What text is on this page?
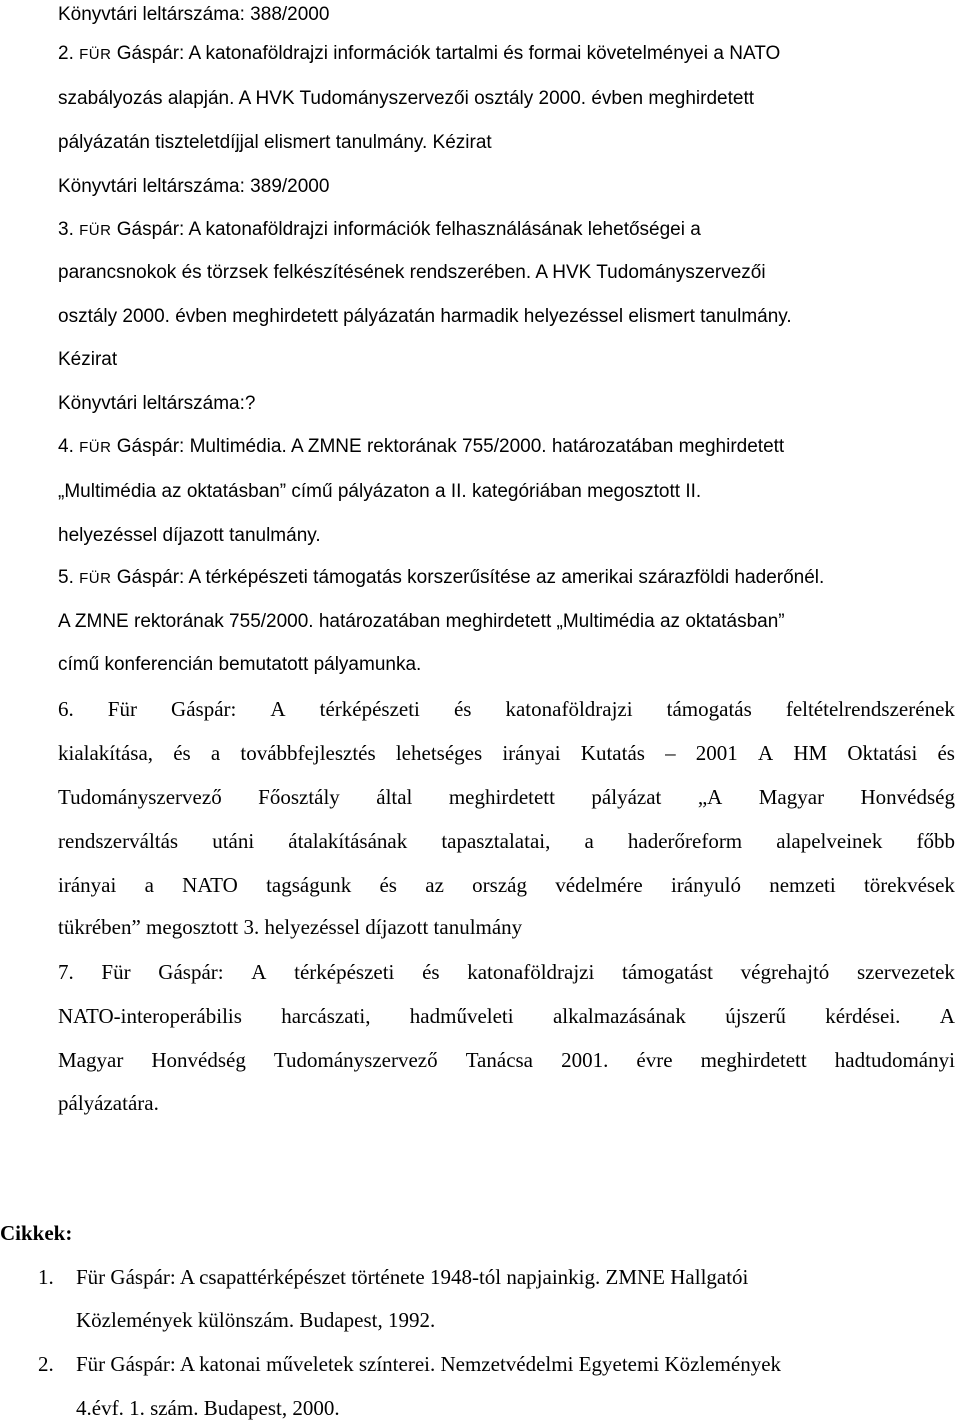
Könyvtári leltárszáma: 388/2000
2. FÜR Gáspár: A katonaföldrajzi információk tartalmi és formai követelményei a NATO
szabályozás alapján. A HVK Tudományszervezői osztály 2000. évben meghirdetett
pályázatán tiszteletdíjjal elismert tanulmány. Kézirat
Könyvtári leltárszáma: 389/2000
3. FÜR Gáspár: A katonaföldrajzi információk felhasználásának lehetőségei a
parancsnokok és törzsek felkészítésének rendszerében. A HVK Tudományszervezői
osztály 2000. évben meghirdetett pályázatán harmadik helyezéssel elismert tanulmány.
Kézirat
Könyvtári leltárszáma:?
4. FÜR Gáspár: Multimédia. A ZMNE rektorának 755/2000. határozatában meghirdetett
„Multimédia az oktatásban” című pályázaton a II. kategóriában megosztott II.
helyezéssel díjazott tanulmány.
5. FÜR Gáspár: A térképészeti támogatás korszerűsítése az amerikai szárazföldi haderőnél.
A ZMNE rektorának 755/2000. határozatában meghirdetett „Multimédia az oktatásban”
című konferencián bemutatott pályamunka.
6. Für Gáspár: A térképészeti és katonaföldrajzi támogatás feltételrendszerének
kialakítása, és a továbbfejlesztés lehetséges irányai Kutatás – 2001 A HM Oktatási és
Tudományszervező Főosztály által meghirdetett pályázat „A Magyar Honvédség
rendszerváltás utáni átalakításának tapasztalatai, a haderőreform alapelveinek főbb
irányai a NATO tagságunk és az ország védelmére irányuló nemzeti törekvések
tükrében” megosztott 3. helyezéssel díjazott tanulmány
7. Für Gáspár: A térképészeti és katonaföldrajzi támogatást végrehajtó szervezetek
NATO-interoperábilis harcászati, hadműveleti alkalmazásának újszerű kérdései. A
Magyar Honvédség Tudományszervező Tanácsa 2001. évre meghirdetett hadtudományi
pályázatára.
Cikkek:
1. Für Gáspár: A csapattérképészet története 1948-tól napjainkig. ZMNE Hallgatói
Közlemények különszám. Budapest, 1992.
2. Für Gáspár: A katonai műveletek színterei. Nemzetvédelmi Egyetemi Közlemények
4.évf. 1. szám. Budapest, 2000.
